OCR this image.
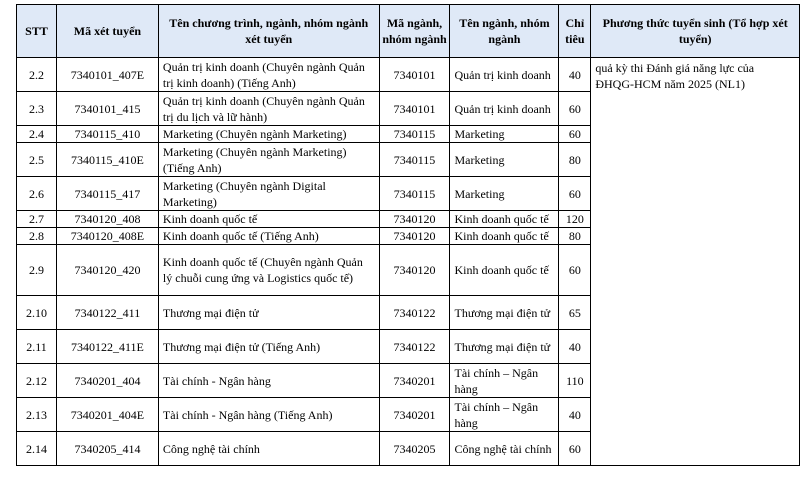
STT	Mã xét tuyển	Tên chương trình, ngành, nhóm ngành xét tuyển	Mã ngành, nhóm ngành	Tên ngành, nhóm ngành	Chỉ tiêu	Phương thức tuyển sinh (Tổ hợp xét tuyển)
2.2	7340101_407E	Quản trị kinh doanh (Chuyên ngành Quản trị kinh doanh) (Tiếng Anh)	7340101	Quản trị kinh doanh	40	quả kỳ thi Đánh giá năng lực của ĐHQG-HCM năm 2025 (NL1)
2.3	7340101_415	Quản trị kinh doanh (Chuyên ngành Quản trị du lịch và lữ hành)	7340101	Quản trị kinh doanh	60	
2.4	7340115_410	Marketing (Chuyên ngành Marketing)	7340115	Marketing	60	
2.5	7340115_410E	Marketing (Chuyên ngành Marketing) (Tiếng Anh)	7340115	Marketing	80	
2.6	7340115_417	Marketing (Chuyên ngành Digital Marketing)	7340115	Marketing	60	
2.7	7340120_408	Kinh doanh quốc tế	7340120	Kinh doanh quốc tế	120	
2.8	7340120_408E	Kinh doanh quốc tế (Tiếng Anh)	7340120	Kinh doanh quốc tế	80	
2.9	7340120_420	Kinh doanh quốc tế (Chuyên ngành Quản lý chuỗi cung ứng và Logistics quốc tế)	7340120	Kinh doanh quốc tế	60	
2.10	7340122_411	Thương mại điện tử	7340122	Thương mại điện tử	65	
2.11	7340122_411E	Thương mại điện tử (Tiếng Anh)	7340122	Thương mại điện tử	40	
2.12	7340201_404	Tài chính - Ngân hàng	7340201	Tài chính – Ngân hàng	110	
2.13	7340201_404E	Tài chính - Ngân hàng (Tiếng Anh)	7340201	Tài chính – Ngân hàng	40	
2.14	7340205_414	Công nghệ tài chính	7340205	Công nghệ tài chính	60	
